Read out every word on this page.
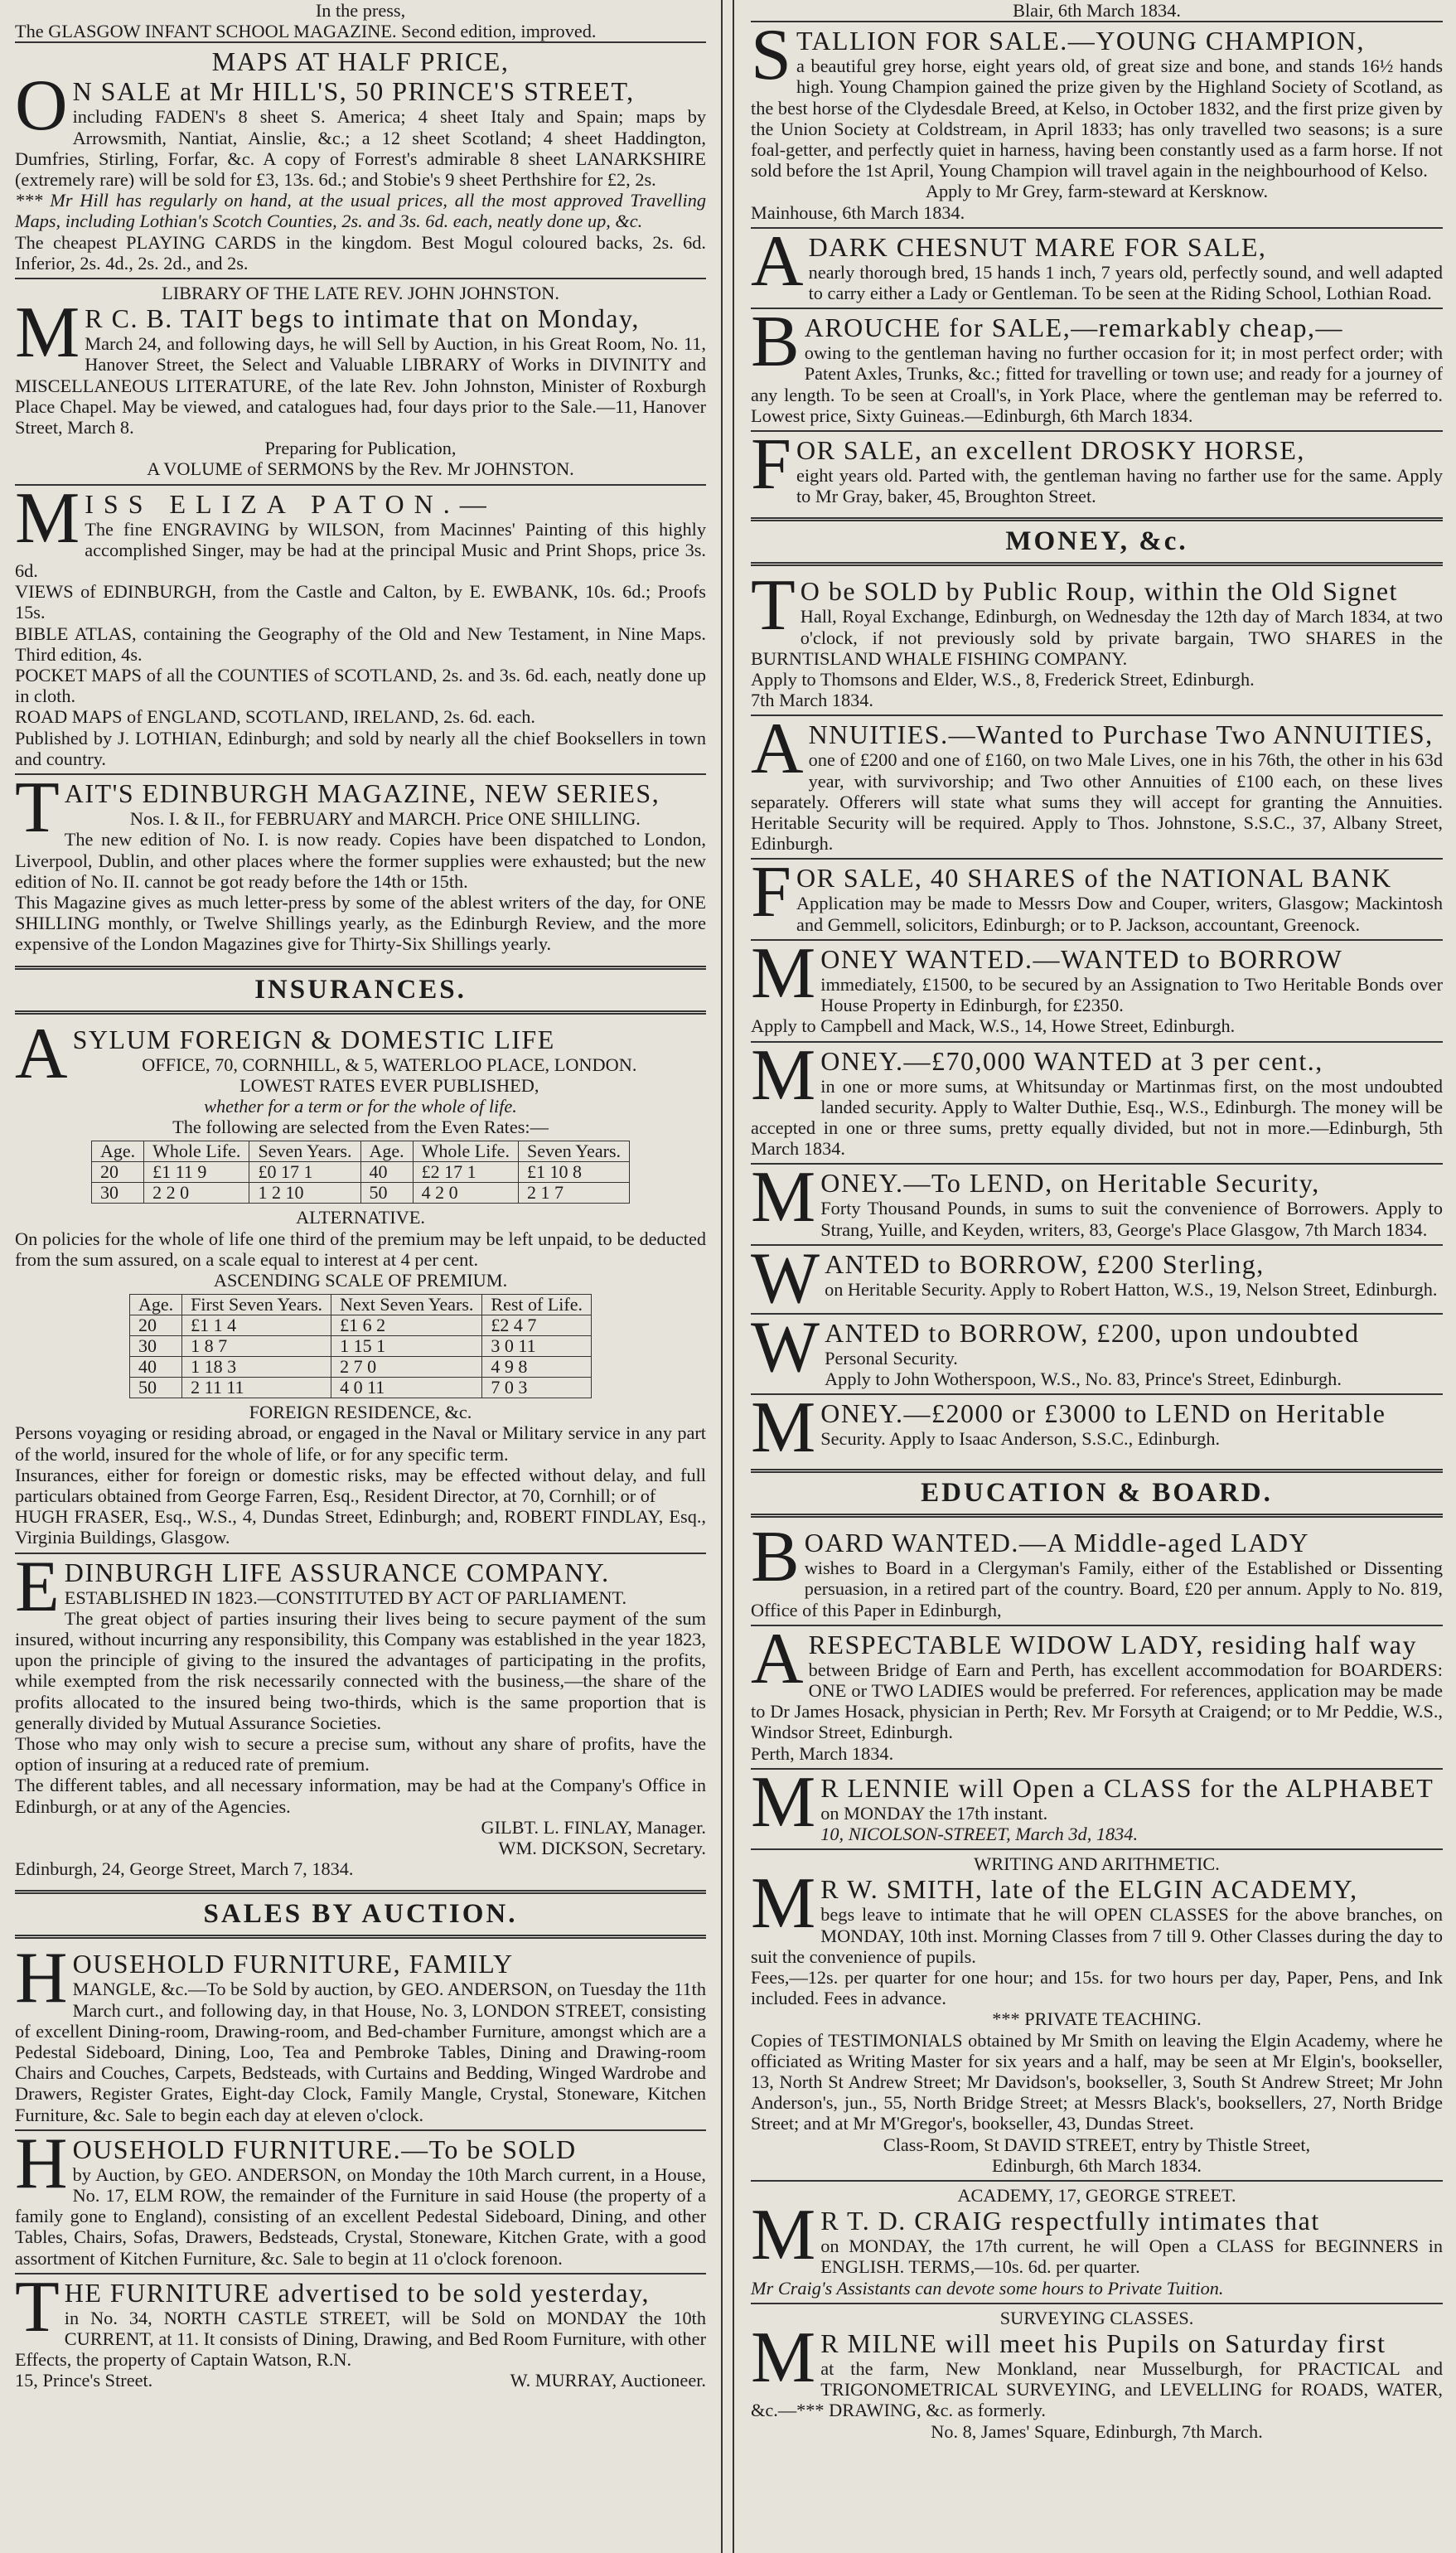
In the press,

The GLASGOW INFANT SCHOOL MAGAZINE. Second edition, improved.

MAPS AT HALF PRICE,

O N SALE at Mr HILL'S, 50 PRINCE'S STREET,

including FADEN's 8 sheet S. America; 4 sheet Italy and Spain; maps by Arrowsmith, Nantiat, Ainslie, &c.; a 12 sheet Scotland; 4 sheet Haddington, Dumfries, Stirling, Forfar, &c. A copy of Forrest's admirable 8 sheet LANARKSHIRE (extremely rare) will be sold for £3, 13s. 6d.; and Stobie's 9 sheet Perthshire for £2, 2s.

*** Mr Hill has regularly on hand, at the usual prices, all the most approved Travelling Maps, including Lothian's Scotch Counties, 2s. and 3s. 6d. each, neatly done up, &c.

The cheapest PLAYING CARDS in the kingdom. Best Mogul coloured backs, 2s. 6d. Inferior, 2s. 4d., 2s. 2d., and 2s.

LIBRARY OF THE LATE REV. JOHN JOHNSTON.

M R C. B. TAIT begs to intimate that on Monday,

March 24, and following days, he will Sell by Auction, in his Great Room, No. 11, Hanover Street, the Select and Valuable LIBRARY of Works in DIVINITY and MISCELLANEOUS LITERATURE, of the late Rev. John Johnston, Minister of Roxburgh Place Chapel. May be viewed, and catalogues had, four days prior to the Sale.—11, Hanover Street, March 8.

Preparing for Publication,

A VOLUME of SERMONS by the Rev. Mr JOHNSTON.

M ISS ELIZA PATON.—

The fine ENGRAVING by WILSON, from Macinnes' Painting of this highly accomplished Singer, may be had at the principal Music and Print Shops, price 3s. 6d.

VIEWS of EDINBURGH, from the Castle and Calton, by E. EWBANK, 10s. 6d.; Proofs 15s.

BIBLE ATLAS, containing the Geography of the Old and New Testament, in Nine Maps. Third edition, 4s.

POCKET MAPS of all the COUNTIES of SCOTLAND, 2s. and 3s. 6d. each, neatly done up in cloth.

ROAD MAPS of ENGLAND, SCOTLAND, IRELAND, 2s. 6d. each.

Published by J. LOTHIAN, Edinburgh; and sold by nearly all the chief Booksellers in town and country.

T AIT'S EDINBURGH MAGAZINE, NEW SERIES,

Nos. I. & II., for FEBRUARY and MARCH. Price ONE SHILLING.

The new edition of No. I. is now ready. Copies have been dispatched to London, Liverpool, Dublin, and other places where the former supplies were exhausted; but the new edition of No. II. cannot be got ready before the 14th or 15th.

This Magazine gives as much letter-press by some of the ablest writers of the day, for ONE SHILLING monthly, or Twelve Shillings yearly, as the Edinburgh Review, and the more expensive of the London Magazines give for Thirty-Six Shillings yearly.

INSURANCES.
A SYLUM FOREIGN & DOMESTIC LIFE

OFFICE, 70, CORNHILL, & 5, WATERLOO PLACE, LONDON.

LOWEST RATES EVER PUBLISHED,

whether for a term or for the whole of life.

The following are selected from the Even Rates:—

Age.	Whole Life.	Seven Years.	Age.	Whole Life.	Seven Years.
20	£1 11 9	£0 17 1	40	£2 17 1	£1 10 8
30	2 2 0	1 2 10	50	4 2 0	2 1 7

ALTERNATIVE.

On policies for the whole of life one third of the premium may be left unpaid, to be deducted from the sum assured, on a scale equal to interest at 4 per cent.

ASCENDING SCALE OF PREMIUM.

Age.	First Seven Years.	Next Seven Years.	Rest of Life.
20	£1 1 4	£1 6 2	£2 4 7
30	1 8 7	1 15 1	3 0 11
40	1 18 3	2 7 0	4 9 8
50	2 11 11	4 0 11	7 0 3

FOREIGN RESIDENCE, &c.

Persons voyaging or residing abroad, or engaged in the Naval or Military service in any part of the world, insured for the whole of life, or for any specific term.

Insurances, either for foreign or domestic risks, may be effected without delay, and full particulars obtained from George Farren, Esq., Resident Director, at 70, Cornhill; or of

HUGH FRASER, Esq., W.S., 4, Dundas Street, Edinburgh; and, ROBERT FINDLAY, Esq., Virginia Buildings, Glasgow.

E DINBURGH LIFE ASSURANCE COMPANY.

ESTABLISHED IN 1823.—CONSTITUTED BY ACT OF PARLIAMENT.

The great object of parties insuring their lives being to secure payment of the sum insured, without incurring any responsibility, this Company was established in the year 1823, upon the principle of giving to the insured the advantages of participating in the profits, while exempted from the risk necessarily connected with the business,—the share of the profits allocated to the insured being two-thirds, which is the same proportion that is generally divided by Mutual Assurance Societies.

Those who may only wish to secure a precise sum, without any share of profits, have the option of insuring at a reduced rate of premium.

The different tables, and all necessary information, may be had at the Company's Office in Edinburgh, or at any of the Agencies.

GILBT. L. FINLAY, Manager.

WM. DICKSON, Secretary.

Edinburgh, 24, George Street, March 7, 1834.

SALES BY AUCTION.
H OUSEHOLD FURNITURE, FAMILY

MANGLE, &c.—To be Sold by auction, by GEO. ANDERSON, on Tuesday the 11th March curt., and following day, in that House, No. 3, LONDON STREET, consisting of excellent Dining-room, Drawing-room, and Bed-chamber Furniture, amongst which are a Pedestal Sideboard, Dining, Loo, Tea and Pembroke Tables, Dining and Drawing-room Chairs and Couches, Carpets, Bedsteads, with Curtains and Bedding, Winged Wardrobe and Drawers, Register Grates, Eight-day Clock, Family Mangle, Crystal, Stoneware, Kitchen Furniture, &c. Sale to begin each day at eleven o'clock.

H OUSEHOLD FURNITURE.—To be SOLD

by Auction, by GEO. ANDERSON, on Monday the 10th March current, in a House, No. 17, ELM ROW, the remainder of the Furniture in said House (the property of a family gone to England), consisting of an excellent Pedestal Sideboard, Dining, and other Tables, Chairs, Sofas, Drawers, Bedsteads, Crystal, Stoneware, Kitchen Grate, with a good assortment of Kitchen Furniture, &c. Sale to begin at 11 o'clock forenoon.

T HE FURNITURE advertised to be sold yesterday,

in No. 34, NORTH CASTLE STREET, will be Sold on MONDAY the 10th CURRENT, at 11. It consists of Dining, Drawing, and Bed Room Furniture, with other Effects, the property of Captain Watson, R.N.

15, Prince's Street.	W. MURRAY, Auctioneer.

Blair, 6th March 1834.

S TALLION FOR SALE.—YOUNG CHAMPION,

a beautiful grey horse, eight years old, of great size and bone, and stands 16½ hands high. Young Champion gained the prize given by the Highland Society of Scotland, as the best horse of the Clydesdale Breed, at Kelso, in October 1832, and the first prize given by the Union Society at Coldstream, in April 1833; has only travelled two seasons; is a sure foal-getter, and perfectly quiet in harness, having been constantly used as a farm horse. If not sold before the 1st April, Young Champion will travel again in the neighbourhood of Kelso.

Apply to Mr Grey, farm-steward at Kersknow.

Mainhouse, 6th March 1834.

A DARK CHESNUT MARE FOR SALE,

nearly thorough bred, 15 hands 1 inch, 7 years old, perfectly sound, and well adapted to carry either a Lady or Gentleman. To be seen at the Riding School, Lothian Road.

B AROUCHE for SALE,—remarkably cheap,—

owing to the gentleman having no further occasion for it; in most perfect order; with Patent Axles, Trunks, &c.; fitted for travelling or town use; and ready for a journey of any length. To be seen at Croall's, in York Place, where the gentleman may be referred to. Lowest price, Sixty Guineas.—Edinburgh, 6th March 1834.

F OR SALE, an excellent DROSKY HORSE,

eight years old. Parted with, the gentleman having no farther use for the same. Apply to Mr Gray, baker, 45, Broughton Street.

MONEY, &c.
T O be SOLD by Public Roup, within the Old Signet

Hall, Royal Exchange, Edinburgh, on Wednesday the 12th day of March 1834, at two o'clock, if not previously sold by private bargain, TWO SHARES in the BURNTISLAND WHALE FISHING COMPANY.

Apply to Thomsons and Elder, W.S., 8, Frederick Street, Edinburgh.

7th March 1834.

A NNUITIES.—Wanted to Purchase Two ANNUITIES,

one of £200 and one of £160, on two Male Lives, one in his 76th, the other in his 63d year, with survivorship; and Two other Annuities of £100 each, on these lives separately. Offerers will state what sums they will accept for granting the Annuities. Heritable Security will be required. Apply to Thos. Johnstone, S.S.C., 37, Albany Street, Edinburgh.

F OR SALE, 40 SHARES of the NATIONAL BANK

Application may be made to Messrs Dow and Couper, writers, Glasgow; Mackintosh and Gemmell, solicitors, Edinburgh; or to P. Jackson, accountant, Greenock.

M ONEY WANTED.—WANTED to BORROW

immediately, £1500, to be secured by an Assignation to Two Heritable Bonds over House Property in Edinburgh, for £2350.

Apply to Campbell and Mack, W.S., 14, Howe Street, Edinburgh.

M ONEY.—£70,000 WANTED at 3 per cent.,

in one or more sums, at Whitsunday or Martinmas first, on the most undoubted landed security. Apply to Walter Duthie, Esq., W.S., Edinburgh. The money will be accepted in one or three sums, pretty equally divided, but not in more.—Edinburgh, 5th March 1834.

M ONEY.—To LEND, on Heritable Security,

Forty Thousand Pounds, in sums to suit the convenience of Borrowers. Apply to Strang, Yuille, and Keyden, writers, 83, George's Place Glasgow, 7th March 1834.

W ANTED to BORROW, £200 Sterling,

on Heritable Security. Apply to Robert Hatton, W.S., 19, Nelson Street, Edinburgh.

W ANTED to BORROW, £200, upon undoubted

Personal Security.

Apply to John Wotherspoon, W.S., No. 83, Prince's Street, Edinburgh.

M ONEY.—£2000 or £3000 to LEND on Heritable

Security. Apply to Isaac Anderson, S.S.C., Edinburgh.

EDUCATION & BOARD.
B OARD WANTED.—A Middle-aged LADY

wishes to Board in a Clergyman's Family, either of the Established or Dissenting persuasion, in a retired part of the country. Board, £20 per annum. Apply to No. 819, Office of this Paper in Edinburgh,

A RESPECTABLE WIDOW LADY, residing half way

between Bridge of Earn and Perth, has excellent accommodation for BOARDERS: ONE or TWO LADIES would be preferred. For references, application may be made to Dr James Hosack, physician in Perth; Rev. Mr Forsyth at Craigend; or to Mr Peddie, W.S., Windsor Street, Edinburgh.

Perth, March 1834.

M R LENNIE will Open a CLASS for the ALPHABET

on MONDAY the 17th instant.

10, NICOLSON-STREET, March 3d, 1834.

WRITING AND ARITHMETIC.

M R W. SMITH, late of the ELGIN ACADEMY,

begs leave to intimate that he will OPEN CLASSES for the above branches, on MONDAY, 10th inst. Morning Classes from 7 till 9. Other Classes during the day to suit the convenience of pupils.

Fees,—12s. per quarter for one hour; and 15s. for two hours per day, Paper, Pens, and Ink included. Fees in advance.

*** PRIVATE TEACHING.

Copies of TESTIMONIALS obtained by Mr Smith on leaving the Elgin Academy, where he officiated as Writing Master for six years and a half, may be seen at Mr Elgin's, bookseller, 13, North St Andrew Street; Mr Davidson's, bookseller, 3, South St Andrew Street; Mr John Anderson's, jun., 55, North Bridge Street; at Messrs Black's, booksellers, 27, North Bridge Street; and at Mr M'Gregor's, bookseller, 43, Dundas Street.

Class-Room, St DAVID STREET, entry by Thistle Street,

Edinburgh, 6th March 1834.

ACADEMY, 17, GEORGE STREET.

M R T. D. CRAIG respectfully intimates that

on MONDAY, the 17th current, he will Open a CLASS for BEGINNERS in ENGLISH. TERMS,—10s. 6d. per quarter.

Mr Craig's Assistants can devote some hours to Private Tuition.

SURVEYING CLASSES.

M R MILNE will meet his Pupils on Saturday first

at the farm, New Monkland, near Musselburgh, for PRACTICAL and TRIGONOMETRICAL SURVEYING, and LEVELLING for ROADS, WATER, &c.—*** DRAWING, &c. as formerly.

No. 8, James' Square, Edinburgh, 7th March.
